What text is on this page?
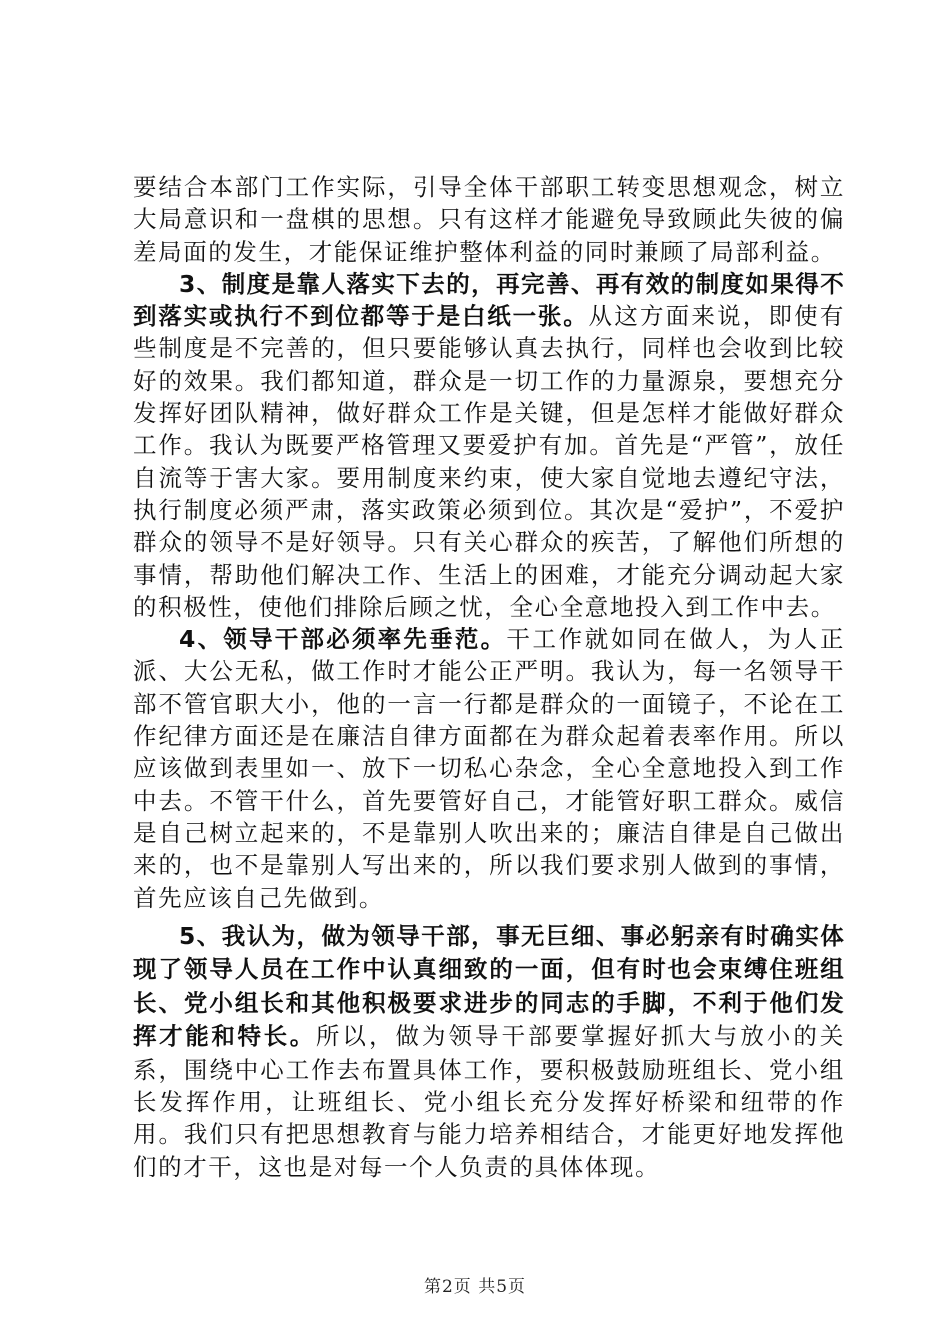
要结合本部门工作实际，引导全体干部职工转变思想观念，树立大局意识和一盘棋的思想。只有这样才能避免导致顾此失彼的偏差局面的发生，才能保证维护整体利益的同时兼顾了局部利益。

3、制度是靠人落实下去的，再完善、再有效的制度如果得不到落实或执行不到位都等于是白纸一张。从这方面来说，即使有些制度是不完善的，但只要能够认真去执行，同样也会收到比较好的效果。我们都知道，群众是一切工作的力量源泉，要想充分发挥好团队精神，做好群众工作是关键，但是怎样才能做好群众工作。我认为既要严格管理又要爱护有加。首先是“严管”，放任自流等于害大家。要用制度来约束，使大家自觉地去遵纪守法，执行制度必须严肃，落实政策必须到位。其次是“爱护”，不爱护群众的领导不是好领导。只有关心群众的疾苦，了解他们所想的事情，帮助他们解决工作、生活上的困难，才能充分调动起大家的积极性，使他们排除后顾之忧，全心全意地投入到工作中去。

4、领导干部必须率先垂范。干工作就如同在做人，为人正派、大公无私，做工作时才能公正严明。我认为，每一名领导干部不管官职大小，他的一言一行都是群众的一面镜子，不论在工作纪律方面还是在廉洁自律方面都在为群众起着表率作用。所以应该做到表里如一、放下一切私心杂念，全心全意地投入到工作中去。不管干什么，首先要管好自己，才能管好职工群众。威信是自己树立起来的，不是靠别人吹出来的；廉洁自律是自己做出来的，也不是靠别人写出来的，所以我们要求别人做到的事情，首先应该自己先做到。

5、我认为，做为领导干部，事无巨细、事必躬亲有时确实体现了领导人员在工作中认真细致的一面，但有时也会束缚住班组长、党小组长和其他积极要求进步的同志的手脚，不利于他们发挥才能和特长。所以，做为领导干部要掌握好抓大与放小的关系，围绕中心工作去布置具体工作，要积极鼓励班组长、党小组长发挥作用，让班组长、党小组长充分发挥好桥梁和纽带的作用。我们只有把思想教育与能力培养相结合，才能更好地发挥他们的才干，这也是对每一个人负责的具体体现。

第2页 共5页
